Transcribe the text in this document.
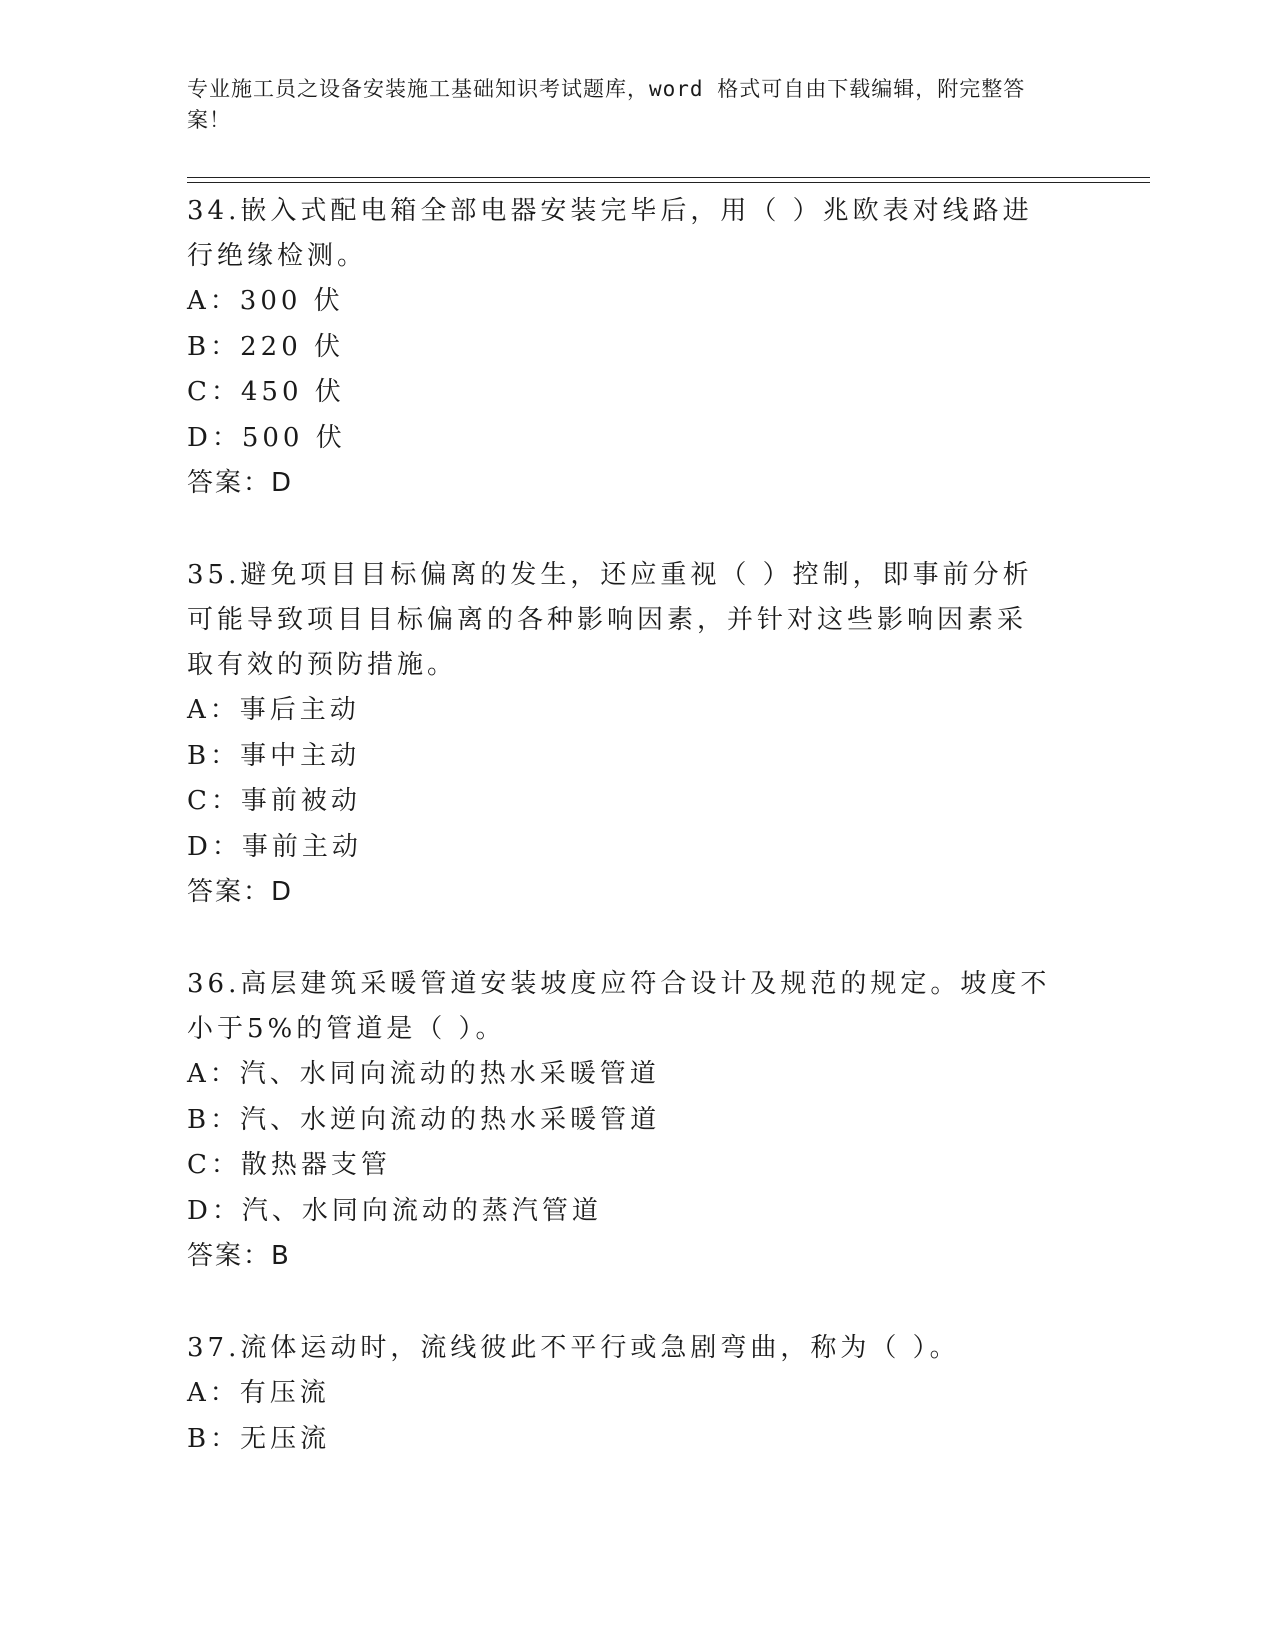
专业施工员之设备安装施工基础知识考试题库，word 格式可自由下载编辑，附完整答案！
34.嵌入式配电箱全部电器安装完毕后，用（ ）兆欧表对线路进行绝缘检测。
A：300 伏
B：220 伏
C：450 伏
D：500 伏
答案：D
35.避免项目目标偏离的发生，还应重视（ ）控制，即事前分析可能导致项目目标偏离的各种影响因素，并针对这些影响因素采取有效的预防措施。
A：事后主动
B：事中主动
C：事前被动
D：事前主动
答案：D
36.高层建筑采暖管道安装坡度应符合设计及规范的规定。坡度不小于5%的管道是（ ）。
A：汽、水同向流动的热水采暖管道
B：汽、水逆向流动的热水采暖管道
C：散热器支管
D：汽、水同向流动的蒸汽管道
答案：B
37.流体运动时，流线彼此不平行或急剧弯曲，称为（ ）。
A：有压流
B：无压流
